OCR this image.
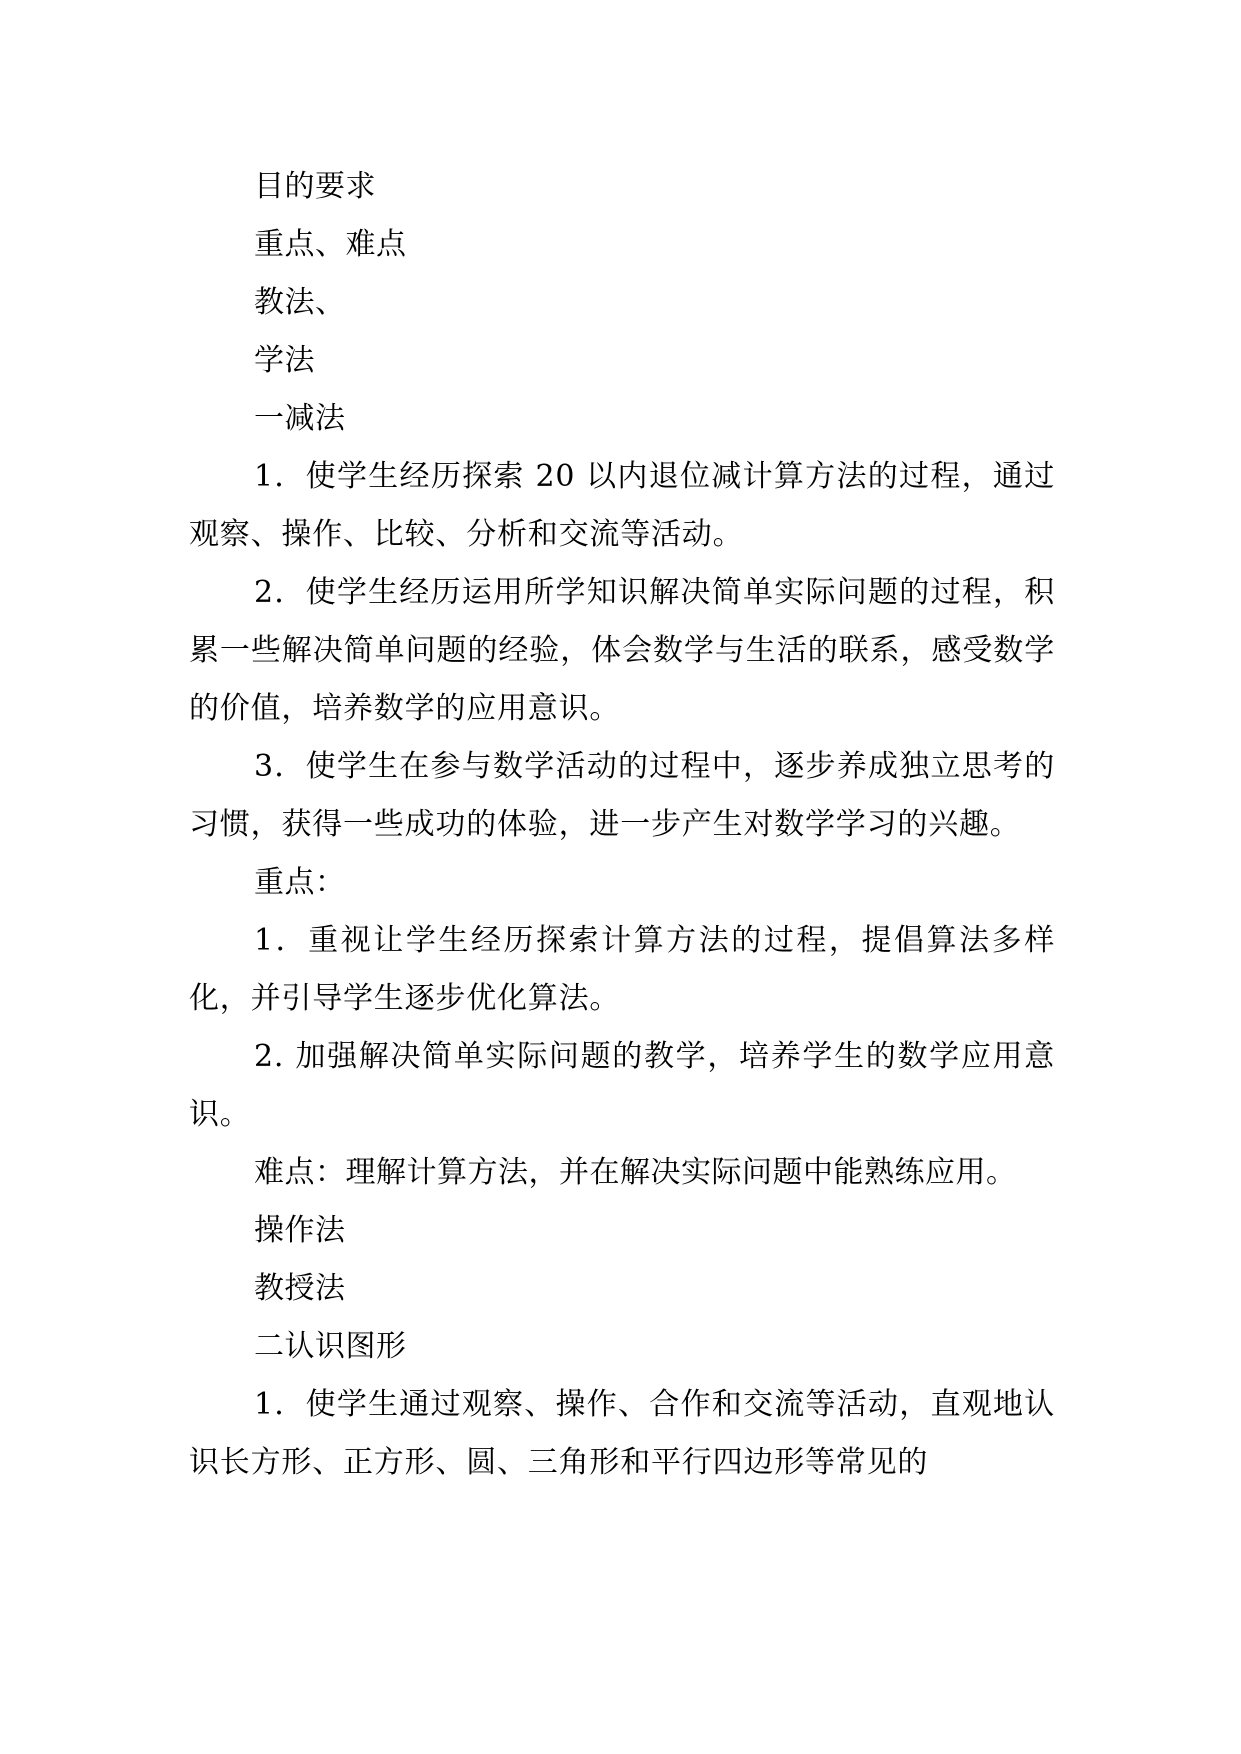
目的要求
重点、难点
教法、
学法
一减法

1．使学生经历探索 20 以内退位减计算方法的过程，通过观察、操作、比较、分析和交流等活动。

2．使学生经历运用所学知识解决简单实际问题的过程，积累一些解决简单问题的经验，体会数学与生活的联系，感受数学的价值，培养数学的应用意识。

3．使学生在参与数学活动的过程中，逐步养成独立思考的习惯，获得一些成功的体验，进一步产生对数学学习的兴趣。

重点：

1．重视让学生经历探索计算方法的过程，提倡算法多样化，并引导学生逐步优化算法。

2. 加强解决简单实际问题的教学，培养学生的数学应用意识。

难点：理解计算方法，并在解决实际问题中能熟练应用。
操作法
教授法
二认识图形

1．使学生通过观察、操作、合作和交流等活动，直观地认识长方形、正方形、圆、三角形和平行四边形等常见的
